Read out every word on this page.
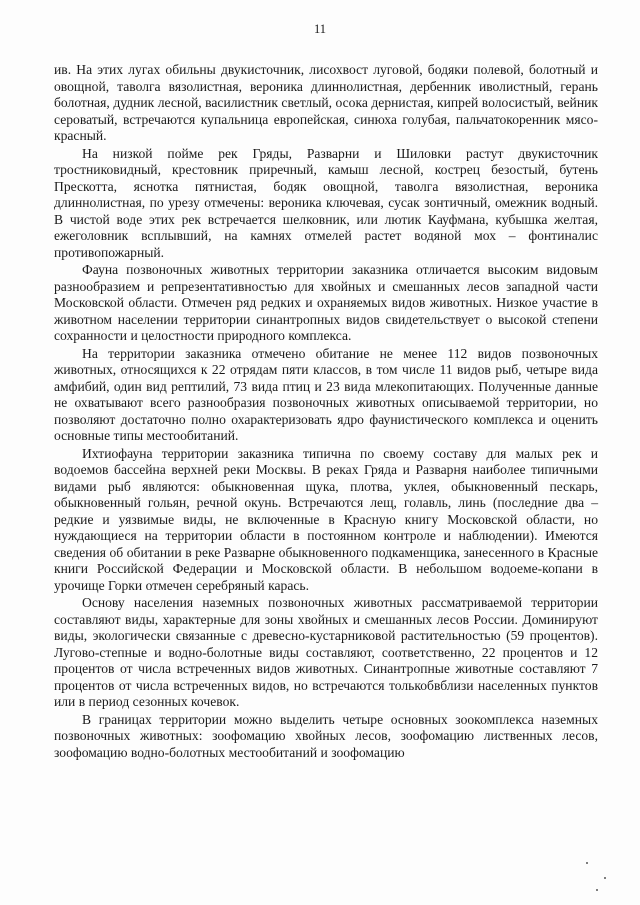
11

ив. На этих лугах обильны двукисточник, лисохвост луговой, бодяки полевой, болотный и овощной, таволга вязолистная, вероника длиннолистная, дербенник иволистный, герань болотная, дудник лесной, василистник светлый, осока дернистая, кипрей волосистый, вейник сероватый, встречаются купальница европейская, синюха голубая, пальчатокоренник мясо-красный.

На низкой пойме рек Гряды, Разварни и Шиловки растут двукисточник тростниковидный, крестовник приречный, камыш лесной, кострец безостый, бутень Прескотта, яснотка пятнистая, бодяк овощной, таволга вязолистная, вероника длиннолистная, по урезу отмечены: вероника ключевая, сусак зонтичный, омежник водный. В чистой воде этих рек встречается шелковник, или лютик Кауфмана, кубышка желтая, ежеголовник всплывший, на камнях отмелей растет водяной мох – фонтиналис противопожарный.

Фауна позвоночных животных территории заказника отличается высоким видовым разнообразием и репрезентативностью для хвойных и смешанных лесов западной части Московской области. Отмечен ряд редких и охраняемых видов животных. Низкое участие в животном населении территории синантропных видов свидетельствует о высокой степени сохранности и целостности природного комплекса.

На территории заказника отмечено обитание не менее 112 видов позвоночных животных, относящихся к 22 отрядам пяти классов, в том числе 11 видов рыб, четыре вида амфибий, один вид рептилий, 73 вида птиц и 23 вида млекопитающих. Полученные данные не охватывают всего разнообразия позвоночных животных описываемой территории, но позволяют достаточно полно охарактеризовать ядро фаунистического комплекса и оценить основные типы местообитаний.

Ихтиофауна территории заказника типична по своему составу для малых рек и водоемов бассейна верхней реки Москвы. В реках Гряда и Разварня наиболее типичными видами рыб являются: обыкновенная щука, плотва, уклея, обыкновенный пескарь, обыкновенный гольян, речной окунь. Встречаются лещ, голавль, линь (последние два – редкие и уязвимые виды, не включенные в Красную книгу Московской области, но нуждающиеся на территории области в постоянном контроле и наблюдении). Имеются сведения об обитании в реке Разварне обыкновенного подкаменщика, занесенного в Красные книги Российской Федерации и Московской области. В небольшом водоеме-копани в урочище Горки отмечен серебряный карась.

Основу населения наземных позвоночных животных рассматриваемой территории составляют виды, характерные для зоны хвойных и смешанных лесов России. Доминируют виды, экологически связанные с древесно-кустарниковой растительностью (59 процентов). Лугово-степные и водно-болотные виды составляют, соответственно, 22 процентов и 12 процентов от числа встреченных видов животных. Синантропные животные составляют 7 процентов от числа встреченных видов, но встречаются толькобвблизи населенных пунктов или в период сезонных кочевок.

В границах территории можно выделить четыре основных зоокомплекса наземных позвоночных животных: зоофомацию хвойных лесов, зоофомацию лиственных лесов, зоофомацию водно-болотных местообитаний и зоофомацию
